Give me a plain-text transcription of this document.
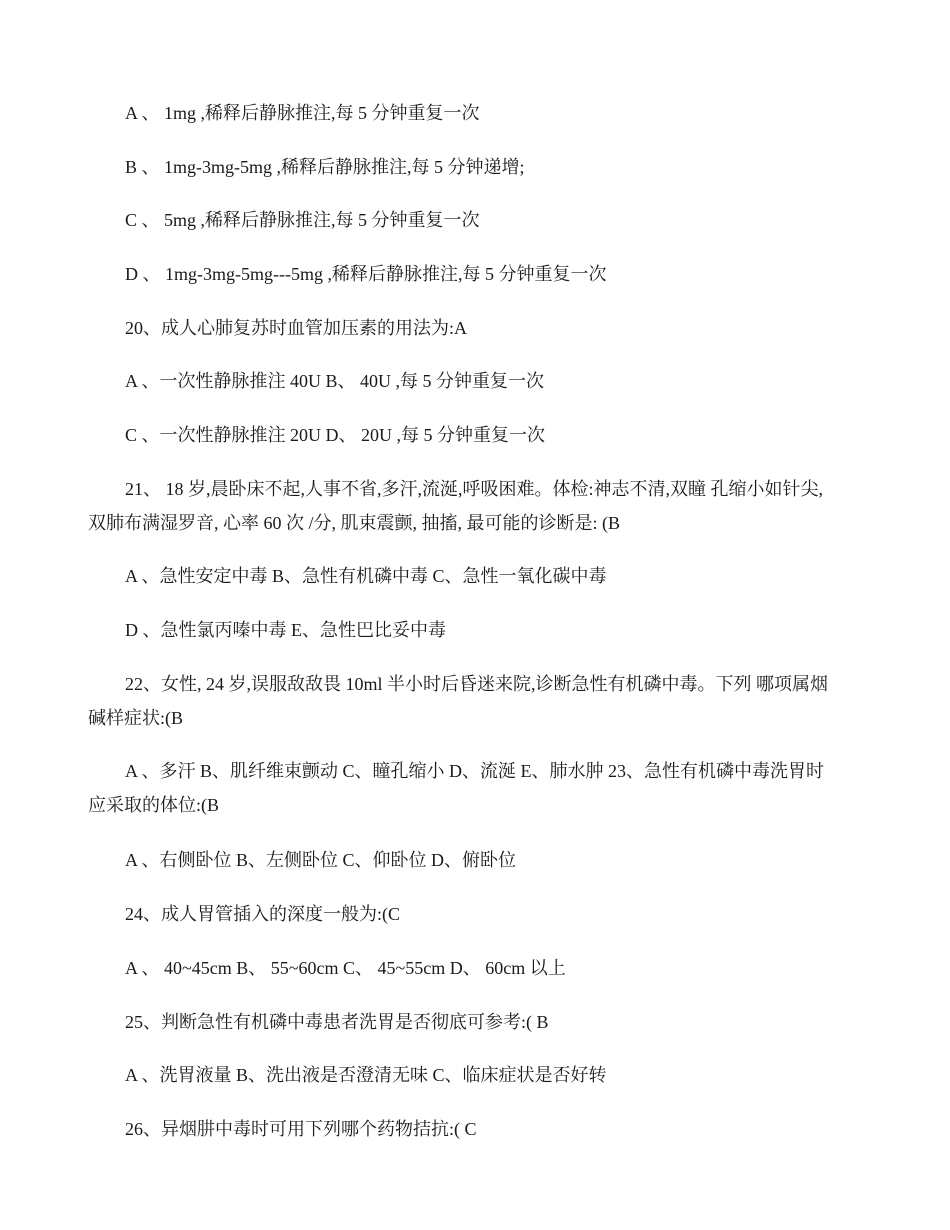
A 、 1mg ,稀释后静脉推注,每 5 分钟重复一次
B 、 1mg-3mg-5mg ,稀释后静脉推注,每 5 分钟递增;
C 、 5mg ,稀释后静脉推注,每 5 分钟重复一次
D 、 1mg-3mg-5mg---5mg ,稀释后静脉推注,每 5 分钟重复一次
20、成人心肺复苏时血管加压素的用法为:A
A 、一次性静脉推注 40U B、 40U ,每 5 分钟重复一次
C 、一次性静脉推注 20U D、 20U ,每 5 分钟重复一次
21、 18 岁,晨卧床不起,人事不省,多汗,流涎,呼吸困难。体检:神志不清,双瞳 孔缩小如针尖,
双肺布满湿罗音, 心率 60 次 /分, 肌束震颤, 抽搐, 最可能的诊断是: (B
A 、急性安定中毒 B、急性有机磷中毒 C、急性一氧化碳中毒
D 、急性氯丙嗪中毒 E、急性巴比妥中毒
22、女性, 24 岁,误服敌敌畏 10ml 半小时后昏迷来院,诊断急性有机磷中毒。下列 哪项属烟
碱样症状:(B
A 、多汗 B、肌纤维束颤动 C、瞳孔缩小 D、流涎 E、肺水肿 23、急性有机磷中毒洗胃时
应采取的体位:(B
A 、右侧卧位 B、左侧卧位 C、仰卧位 D、俯卧位
24、成人胃管插入的深度一般为:(C
A 、 40~45cm B、 55~60cm C、 45~55cm D、 60cm 以上
25、判断急性有机磷中毒患者洗胃是否彻底可参考:( B
A 、洗胃液量 B、洗出液是否澄清无味 C、临床症状是否好转
26、异烟肼中毒时可用下列哪个药物拮抗:( C
